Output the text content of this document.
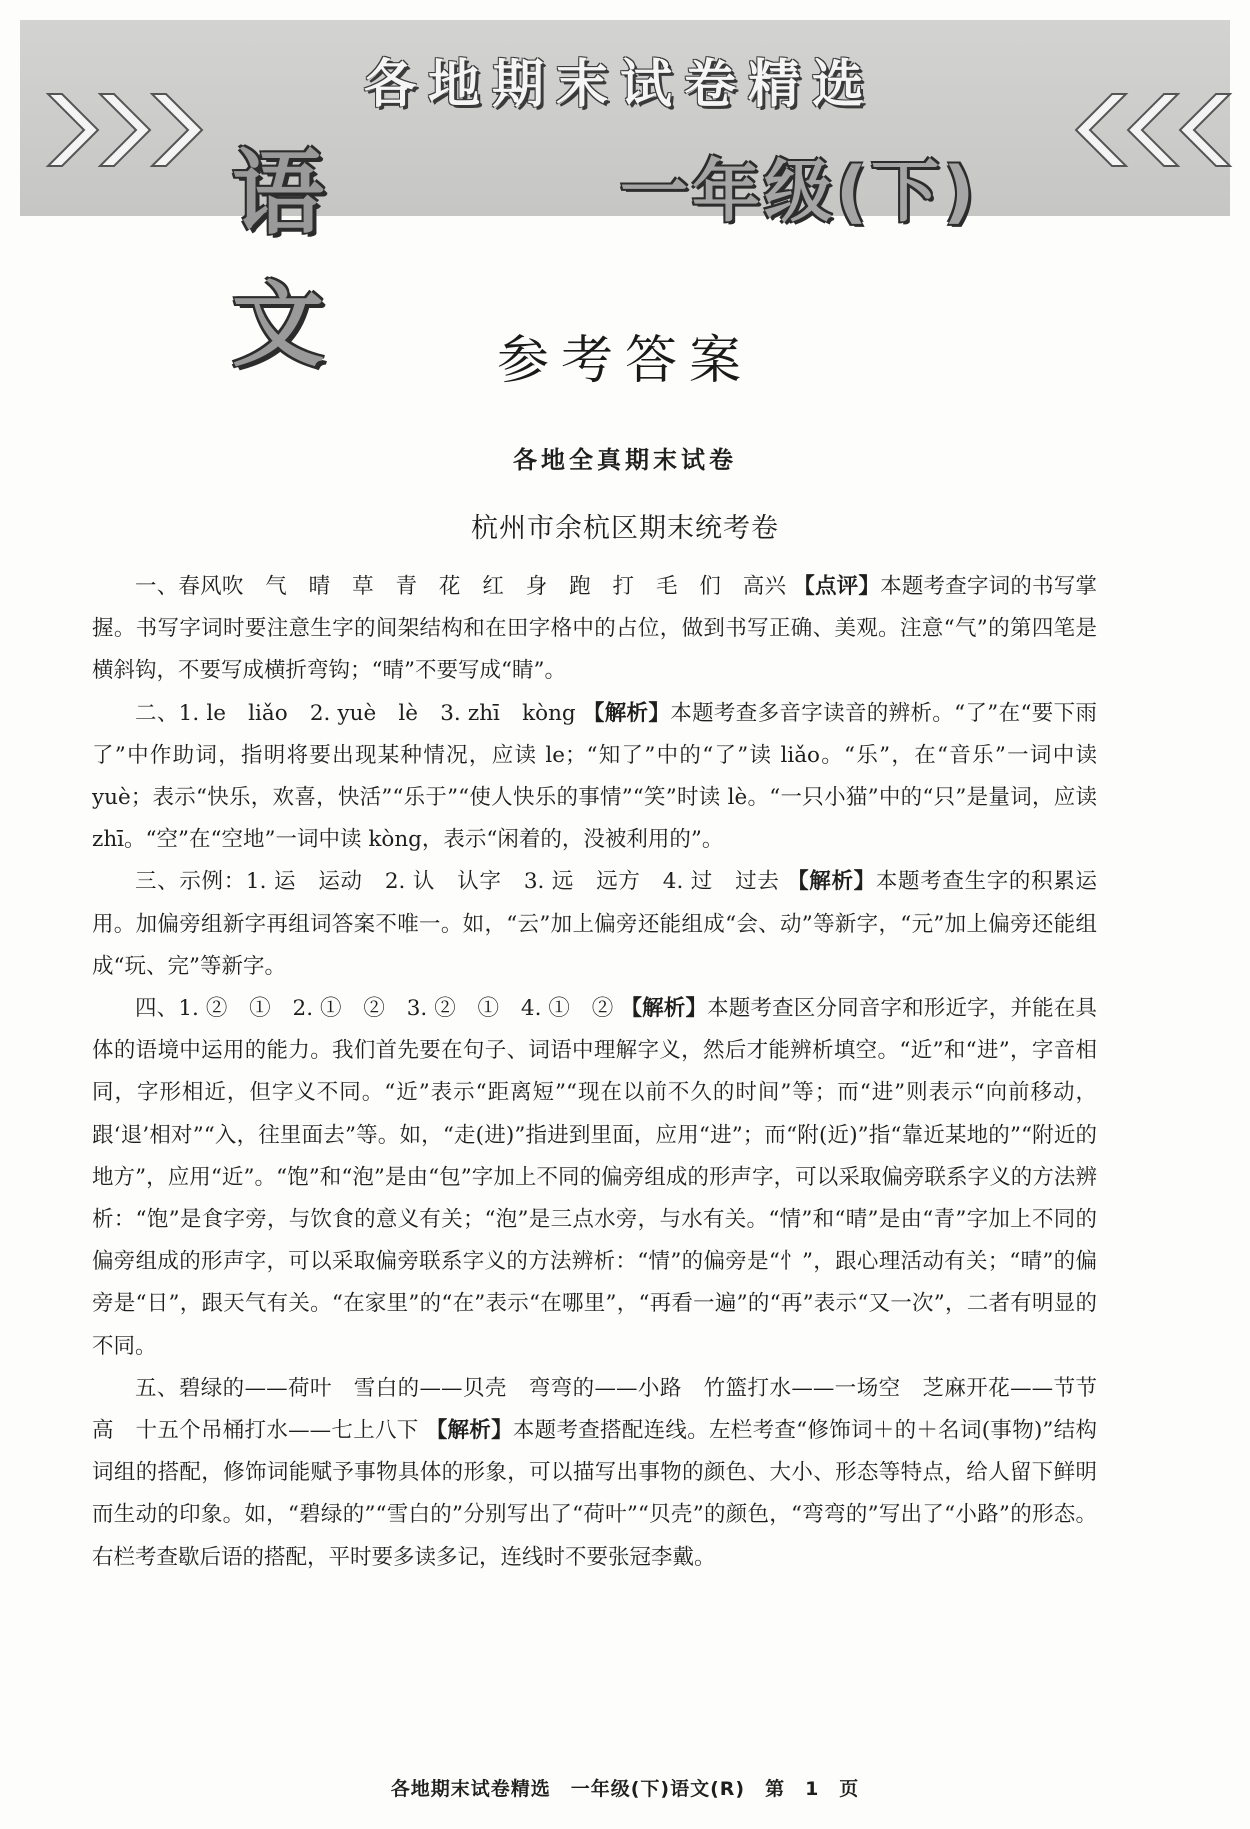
各地期末试卷精选
语文
一年级(下)
参考答案
各地全真期末试卷
杭州市余杭区期末统考卷

一、春风吹　气　晴　草　青　花　红　身　跑　打　毛　们　高兴 【点评】本题考查字词的书写掌握。书写字词时要注意生字的间架结构和在田字格中的占位，做到书写正确、美观。注意“气”的第四笔是横斜钩，不要写成横折弯钩；“晴”不要写成“睛”。

二、1. le　liǎo　2. yuè　lè　3. zhī　kòng 【解析】本题考查多音字读音的辨析。“了”在“要下雨了”中作助词，指明将要出现某种情况，应读 le；“知了”中的“了”读 liǎo。“乐”，在“音乐”一词中读 yuè；表示“快乐，欢喜，快活”“乐于”“使人快乐的事情”“笑”时读 lè。“一只小猫”中的“只”是量词，应读 zhī。“空”在“空地”一词中读 kòng，表示“闲着的，没被利用的”。

三、示例：1. 运　运动　2. 认　认字　3. 远　远方　4. 过　过去 【解析】本题考查生字的积累运用。加偏旁组新字再组词答案不唯一。如，“云”加上偏旁还能组成“会、动”等新字，“元”加上偏旁还能组成“玩、完”等新字。

四、1. ②　①　2. ①　②　3. ②　①　4. ①　② 【解析】本题考查区分同音字和形近字，并能在具体的语境中运用的能力。我们首先要在句子、词语中理解字义，然后才能辨析填空。“近”和“进”，字音相同，字形相近，但字义不同。“近”表示“距离短”“现在以前不久的时间”等；而“进”则表示“向前移动，跟‘退’相对”“入，往里面去”等。如，“走(进)”指进到里面，应用“进”；而“附(近)”指“靠近某地的”“附近的地方”，应用“近”。“饱”和“泡”是由“包”字加上不同的偏旁组成的形声字，可以采取偏旁联系字义的方法辨析：“饱”是食字旁，与饮食的意义有关；“泡”是三点水旁，与水有关。“情”和“晴”是由“青”字加上不同的偏旁组成的形声字，可以采取偏旁联系字义的方法辨析：“情”的偏旁是“忄”，跟心理活动有关；“晴”的偏旁是“日”，跟天气有关。“在家里”的“在”表示“在哪里”，“再看一遍”的“再”表示“又一次”，二者有明显的不同。

五、碧绿的——荷叶　雪白的——贝壳　弯弯的——小路　竹篮打水——一场空　芝麻开花——节节高　十五个吊桶打水——七上八下 【解析】本题考查搭配连线。左栏考查“修饰词＋的＋名词(事物)”结构词组的搭配，修饰词能赋予事物具体的形象，可以描写出事物的颜色、大小、形态等特点，给人留下鲜明而生动的印象。如，“碧绿的”“雪白的”分别写出了“荷叶”“贝壳”的颜色，“弯弯的”写出了“小路”的形态。右栏考查歇后语的搭配，平时要多读多记，连线时不要张冠李戴。

各地期末试卷精选　一年级(下)语文(R)　第　1　页
